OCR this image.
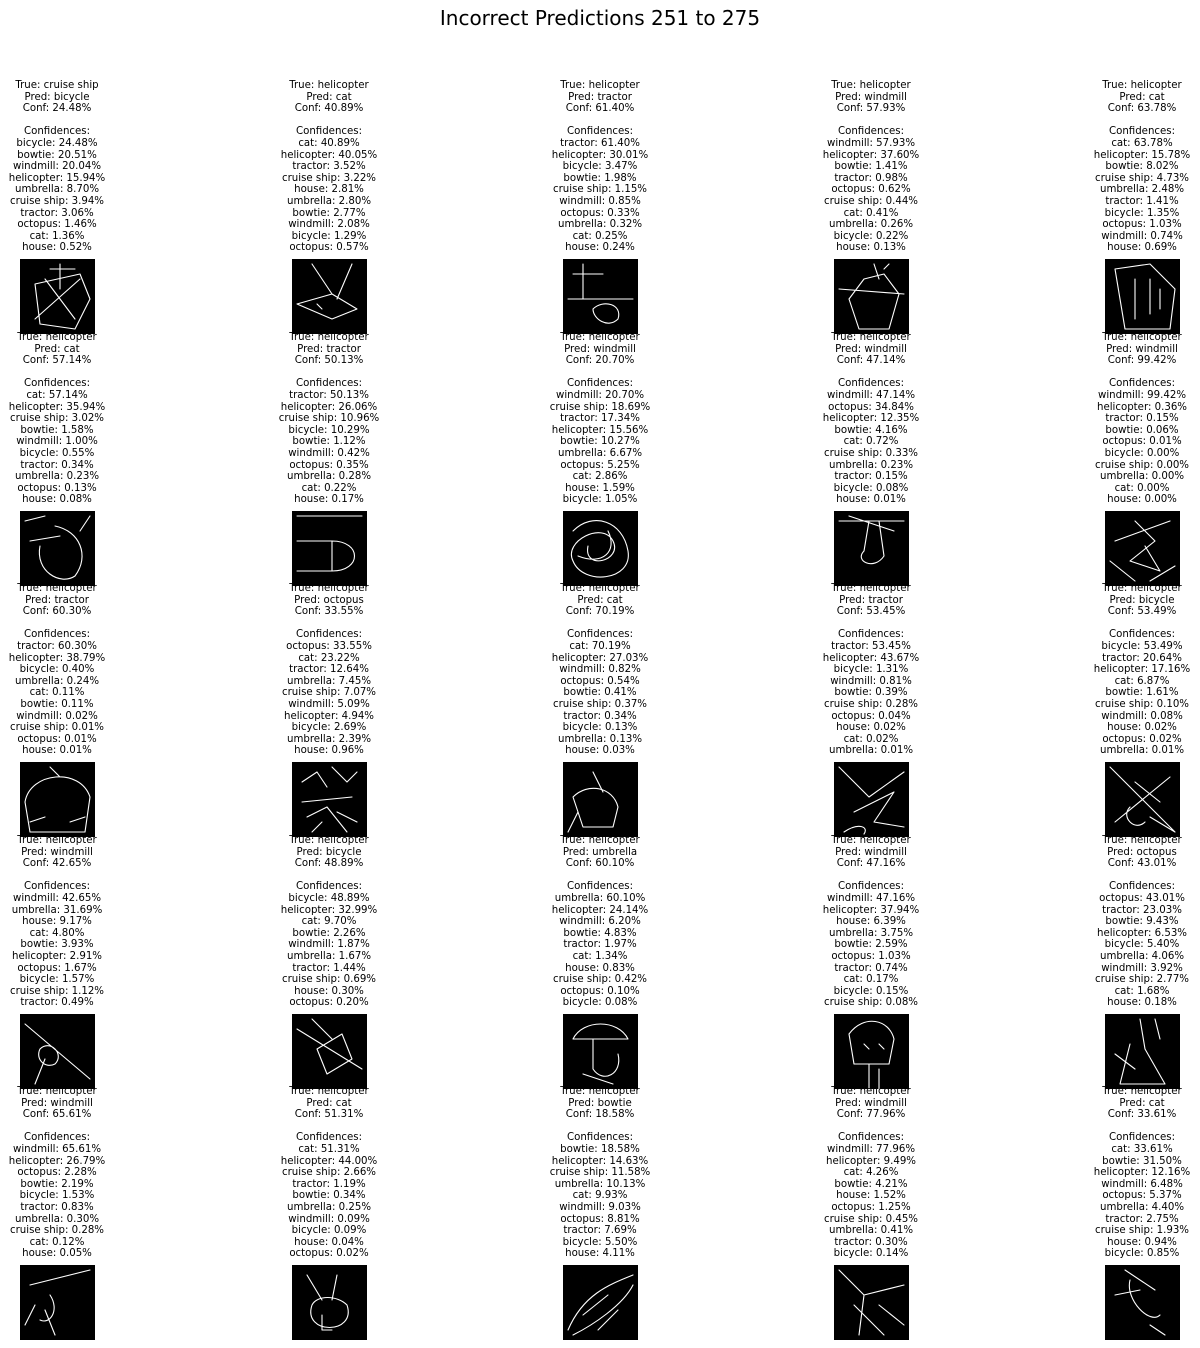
Incorrect Predictions 251 to 275
True: cruise ship
Pred: bicycle
Conf: 24.48%
Confidences:
bicycle: 24.48%
bowtie: 20.51%
windmill: 20.04%
helicopter: 15.94%
umbrella: 8.70%
cruise ship: 3.94%
tractor: 3.06%
octopus: 1.46%
cat: 1.36%
house: 0.52%
True: helicopter
Pred: cat
Conf: 40.89%
Confidences:
cat: 40.89%
helicopter: 40.05%
tractor: 3.52%
cruise ship: 3.22%
house: 2.81%
umbrella: 2.80%
bowtie: 2.77%
windmill: 2.08%
bicycle: 1.29%
octopus: 0.57%
True: helicopter
Pred: tractor
Conf: 61.40%
Confidences:
tractor: 61.40%
helicopter: 30.01%
bicycle: 3.47%
bowtie: 1.98%
cruise ship: 1.15%
windmill: 0.85%
octopus: 0.33%
umbrella: 0.32%
cat: 0.25%
house: 0.24%
True: helicopter
Pred: windmill
Conf: 57.93%
Confidences:
windmill: 57.93%
helicopter: 37.60%
bowtie: 1.41%
tractor: 0.98%
octopus: 0.62%
cruise ship: 0.44%
cat: 0.41%
umbrella: 0.26%
bicycle: 0.22%
house: 0.13%
True: helicopter
Pred: cat
Conf: 63.78%
Confidences:
cat: 63.78%
helicopter: 15.78%
bowtie: 8.02%
cruise ship: 4.73%
umbrella: 2.48%
tractor: 1.41%
bicycle: 1.35%
octopus: 1.03%
windmill: 0.74%
house: 0.69%
True: helicopter
Pred: cat
Conf: 57.14%
Confidences:
cat: 57.14%
helicopter: 35.94%
cruise ship: 3.02%
bowtie: 1.58%
windmill: 1.00%
bicycle: 0.55%
tractor: 0.34%
umbrella: 0.23%
octopus: 0.13%
house: 0.08%
True: helicopter
Pred: tractor
Conf: 50.13%
Confidences:
tractor: 50.13%
helicopter: 26.06%
cruise ship: 10.96%
bicycle: 10.29%
bowtie: 1.12%
windmill: 0.42%
octopus: 0.35%
umbrella: 0.28%
cat: 0.22%
house: 0.17%
True: helicopter
Pred: windmill
Conf: 20.70%
Confidences:
windmill: 20.70%
cruise ship: 18.69%
tractor: 17.34%
helicopter: 15.56%
bowtie: 10.27%
umbrella: 6.67%
octopus: 5.25%
cat: 2.86%
house: 1.59%
bicycle: 1.05%
True: helicopter
Pred: windmill
Conf: 47.14%
Confidences:
windmill: 47.14%
octopus: 34.84%
helicopter: 12.35%
bowtie: 4.16%
cat: 0.72%
cruise ship: 0.33%
umbrella: 0.23%
tractor: 0.15%
bicycle: 0.08%
house: 0.01%
True: helicopter
Pred: windmill
Conf: 99.42%
Confidences:
windmill: 99.42%
helicopter: 0.36%
tractor: 0.15%
bowtie: 0.06%
octopus: 0.01%
bicycle: 0.00%
cruise ship: 0.00%
umbrella: 0.00%
cat: 0.00%
house: 0.00%
True: helicopter
Pred: tractor
Conf: 60.30%
Confidences:
tractor: 60.30%
helicopter: 38.79%
bicycle: 0.40%
umbrella: 0.24%
cat: 0.11%
bowtie: 0.11%
windmill: 0.02%
cruise ship: 0.01%
octopus: 0.01%
house: 0.01%
True: helicopter
Pred: octopus
Conf: 33.55%
Confidences:
octopus: 33.55%
cat: 23.22%
tractor: 12.64%
umbrella: 7.45%
cruise ship: 7.07%
windmill: 5.09%
helicopter: 4.94%
bicycle: 2.69%
umbrella: 2.39%
house: 0.96%
True: helicopter
Pred: cat
Conf: 70.19%
Confidences:
cat: 70.19%
helicopter: 27.03%
windmill: 0.82%
octopus: 0.54%
bowtie: 0.41%
cruise ship: 0.37%
tractor: 0.34%
bicycle: 0.13%
umbrella: 0.13%
house: 0.03%
True: helicopter
Pred: tractor
Conf: 53.45%
Confidences:
tractor: 53.45%
helicopter: 43.67%
bicycle: 1.31%
windmill: 0.81%
bowtie: 0.39%
cruise ship: 0.28%
octopus: 0.04%
house: 0.02%
cat: 0.02%
umbrella: 0.01%
True: helicopter
Pred: bicycle
Conf: 53.49%
Confidences:
bicycle: 53.49%
tractor: 20.64%
helicopter: 17.16%
cat: 6.87%
bowtie: 1.61%
cruise ship: 0.10%
windmill: 0.08%
house: 0.02%
octopus: 0.02%
umbrella: 0.01%
True: helicopter
Pred: windmill
Conf: 42.65%
Confidences:
windmill: 42.65%
umbrella: 31.69%
house: 9.17%
cat: 4.80%
bowtie: 3.93%
helicopter: 2.91%
octopus: 1.67%
bicycle: 1.57%
cruise ship: 1.12%
tractor: 0.49%
True: helicopter
Pred: bicycle
Conf: 48.89%
Confidences:
bicycle: 48.89%
helicopter: 32.99%
cat: 9.70%
bowtie: 2.26%
windmill: 1.87%
umbrella: 1.67%
tractor: 1.44%
cruise ship: 0.69%
house: 0.30%
octopus: 0.20%
True: helicopter
Pred: umbrella
Conf: 60.10%
Confidences:
umbrella: 60.10%
helicopter: 24.14%
windmill: 6.20%
bowtie: 4.83%
tractor: 1.97%
cat: 1.34%
house: 0.83%
cruise ship: 0.42%
octopus: 0.10%
bicycle: 0.08%
True: helicopter
Pred: windmill
Conf: 47.16%
Confidences:
windmill: 47.16%
helicopter: 37.94%
house: 6.39%
umbrella: 3.75%
bowtie: 2.59%
octopus: 1.03%
tractor: 0.74%
cat: 0.17%
bicycle: 0.15%
cruise ship: 0.08%
True: helicopter
Pred: octopus
Conf: 43.01%
Confidences:
octopus: 43.01%
tractor: 23.03%
bowtie: 9.43%
helicopter: 6.53%
bicycle: 5.40%
umbrella: 4.06%
windmill: 3.92%
cruise ship: 2.77%
cat: 1.68%
house: 0.18%
True: helicopter
Pred: windmill
Conf: 65.61%
Confidences:
windmill: 65.61%
helicopter: 26.79%
octopus: 2.28%
bowtie: 2.19%
bicycle: 1.53%
tractor: 0.83%
umbrella: 0.30%
cruise ship: 0.28%
cat: 0.12%
house: 0.05%
True: helicopter
Pred: cat
Conf: 51.31%
Confidences:
cat: 51.31%
helicopter: 44.00%
cruise ship: 2.66%
tractor: 1.19%
bowtie: 0.34%
umbrella: 0.25%
windmill: 0.09%
bicycle: 0.09%
house: 0.04%
octopus: 0.02%
True: helicopter
Pred: bowtie
Conf: 18.58%
Confidences:
bowtie: 18.58%
helicopter: 14.63%
cruise ship: 11.58%
umbrella: 10.13%
cat: 9.93%
windmill: 9.03%
octopus: 8.81%
tractor: 7.69%
bicycle: 5.50%
house: 4.11%
True: helicopter
Pred: windmill
Conf: 77.96%
Confidences:
windmill: 77.96%
helicopter: 9.49%
cat: 4.26%
bowtie: 4.21%
house: 1.52%
octopus: 1.25%
cruise ship: 0.45%
umbrella: 0.41%
tractor: 0.30%
bicycle: 0.14%
True: helicopter
Pred: cat
Conf: 33.61%
Confidences:
cat: 33.61%
bowtie: 31.50%
helicopter: 12.16%
windmill: 6.48%
octopus: 5.37%
umbrella: 4.40%
tractor: 2.75%
cruise ship: 1.93%
house: 0.94%
bicycle: 0.85%
